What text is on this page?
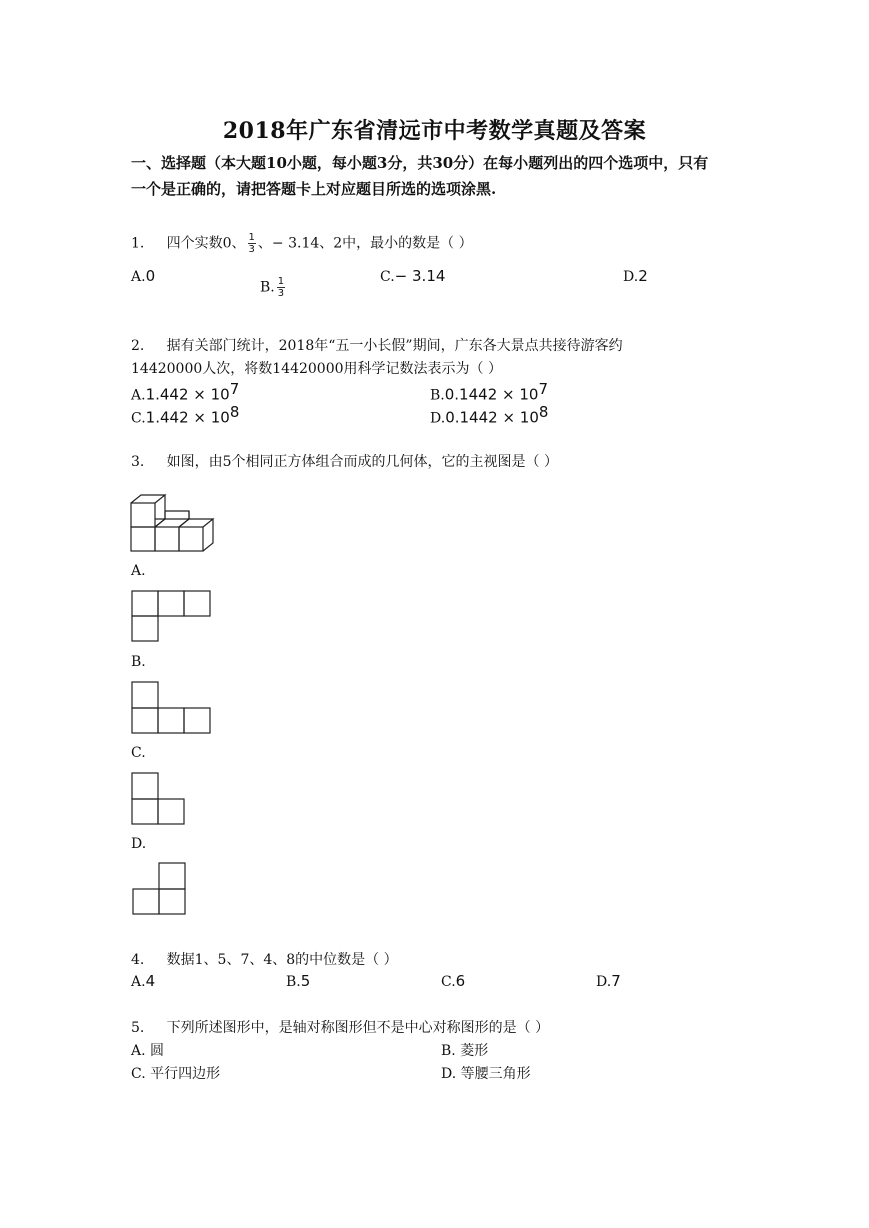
2018年广东省清远市中考数学真题及答案
一、选择题（本大题10小题，每小题3分，共30分）在每小题列出的四个选项中，只有
一个是正确的，请把答题卡上对应题目所选的选项涂黑.
1. 四个实数0、 $\frac{1}{3}$ 、− 3.14、2中，最小的数是（ ）
A.0
B. $\frac{1}{3}$	C.− 3.14	D.2
2. 据有关部门统计，2018年“五一小长假”期间，广东各大景点共接待游客约
14420000人次，将数14420000用科学记数法表示为（ ）
$A.1.442 \times 10^7$	$B.0.1442 \times 10^7$
$C.1.442 \times 10^8$	$D.0.1442 \times 10^8$
3. 如图，由5个相同正方体组合而成的几何体，它的主视图是（ ）
A.
B.
C.
D.
4. 数据1、5、7、4、8的中位数是（ ）
A.4	B.5	C.6	D.7
5. 下列所述图形中，是轴对称图形但不是中心对称图形的是（ ）
A. 圆	B. 菱形
C. 平行四边形	D. 等腰三角形
